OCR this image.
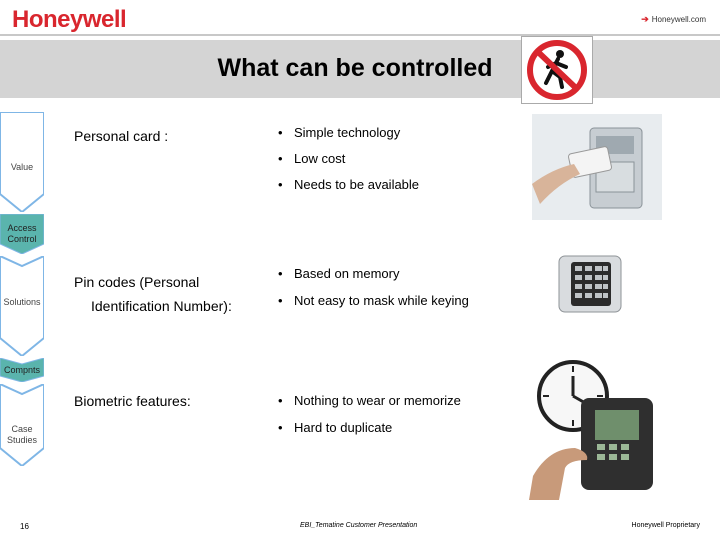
Honeywell	➔ Honeywell.com
What can be controlled
Value
Access Control
Solutions
Compnts
Case Studies
Personal card :	• Simple technology
• Low cost
• Needs to be available
Pin codes (Personal
Identification Number):
• Based on memory
• Not easy to mask while keying
Biometric features:	• Nothing to wear or memorize
• Hard to duplicate
16	EBI_Tematine Customer Presentation	Honeywell Proprietary
